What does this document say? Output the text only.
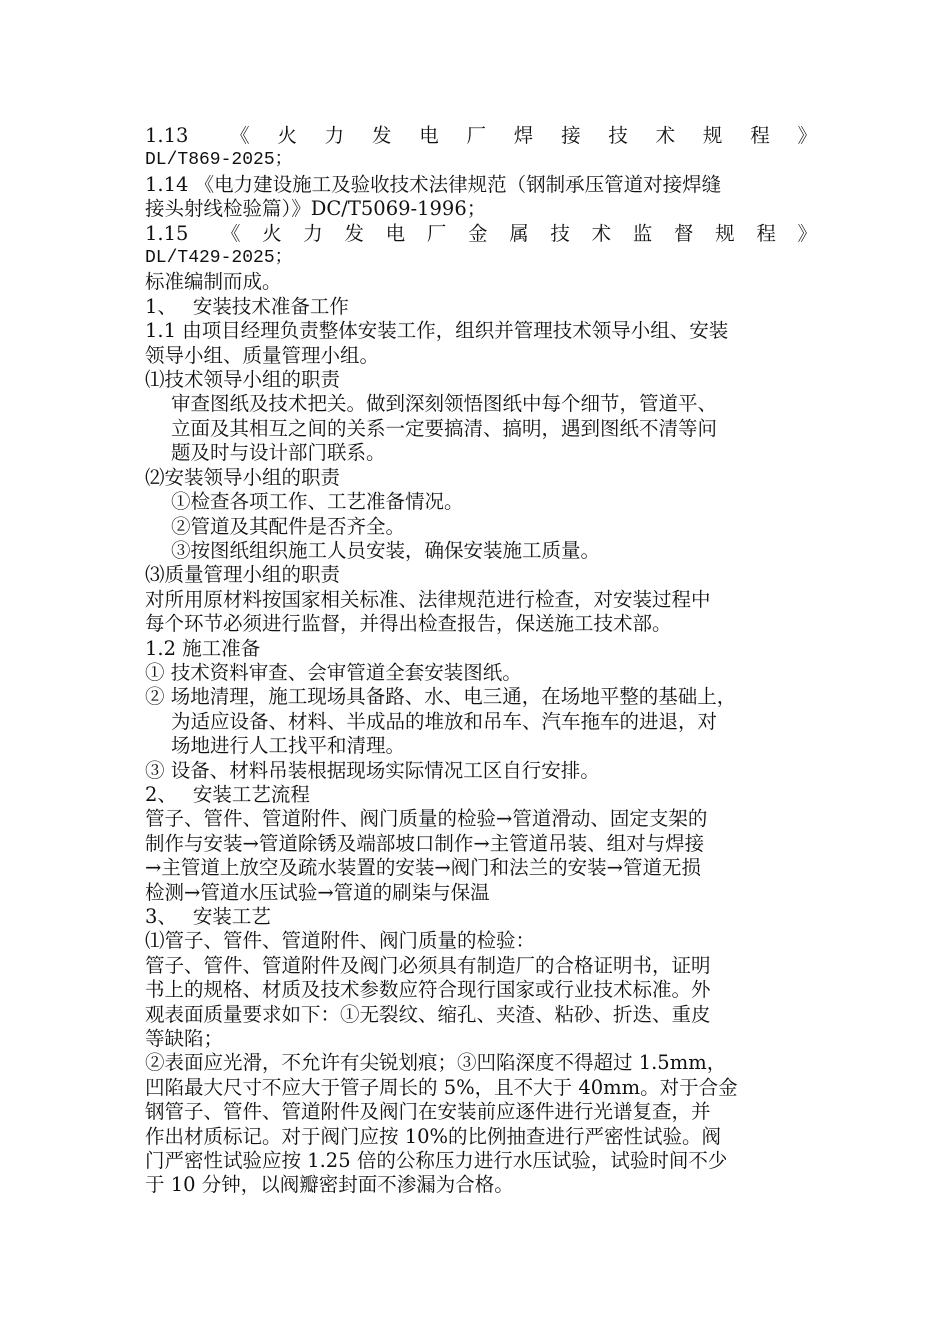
1.13　　《　火　力　发　电　厂　焊　接　技　术　规　程　》

DL/T869-2025；

1.14 《电力建设施工及验收技术法律规范（钢制承压管道对接焊缝

接头射线检验篇）》DC/T5069-1996；

1.15　　《　火　力　发　电　厂　金　属　技　术　监　督　规　程　》

DL/T429-2025；

标准编制而成。

1、　 安装技术准备工作

1.1 由项目经理负责整体安装工作，组织并管理技术领导小组、安装

领导小组、质量管理小组。

⑴技术领导小组的职责

审查图纸及技术把关。做到深刻领悟图纸中每个细节，管道平、

立面及其相互之间的关系一定要搞清、搞明，遇到图纸不清等问

题及时与设计部门联系。

⑵安装领导小组的职责

①检查各项工作、工艺准备情况。

②管道及其配件是否齐全。

③按图纸组织施工人员安装，确保安装施工质量。

⑶质量管理小组的职责

对所用原材料按国家相关标准、法律规范进行检查，对安装过程中

每个环节必须进行监督，并得出检查报告，保送施工技术部。

1.2 施工准备

① 技术资料审查、会审管道全套安装图纸。

② 场地清理，施工现场具备路、水、电三通，在场地平整的基础上，

为适应设备、材料、半成品的堆放和吊车、汽车拖车的进退，对

场地进行人工找平和清理。

③ 设备、材料吊装根据现场实际情况工区自行安排。

2、　 安装工艺流程

管子、管件、管道附件、阀门质量的检验→管道滑动、固定支架的

制作与安装→管道除锈及端部坡口制作→主管道吊装、组对与焊接

→主管道上放空及疏水装置的安装→阀门和法兰的安装→管道无损

检测→管道水压试验→管道的刷柒与保温

3、　 安装工艺

⑴管子、管件、管道附件、阀门质量的检验：

管子、管件、管道附件及阀门必须具有制造厂的合格证明书，证明

书上的规格、材质及技术参数应符合现行国家或行业技术标准。外

观表面质量要求如下：①无裂纹、缩孔、夹渣、粘砂、折迭、重皮

等缺陷；

②表面应光滑，不允许有尖锐划痕；③凹陷深度不得超过 1.5mm，

凹陷最大尺寸不应大于管子周长的 5%，且不大于 40mm。对于合金

钢管子、管件、管道附件及阀门在安装前应逐件进行光谱复查，并

作出材质标记。对于阀门应按 10%的比例抽查进行严密性试验。阀

门严密性试验应按 1.25 倍的公称压力进行水压试验，试验时间不少

于 10 分钟，以阀瓣密封面不渗漏为合格。
